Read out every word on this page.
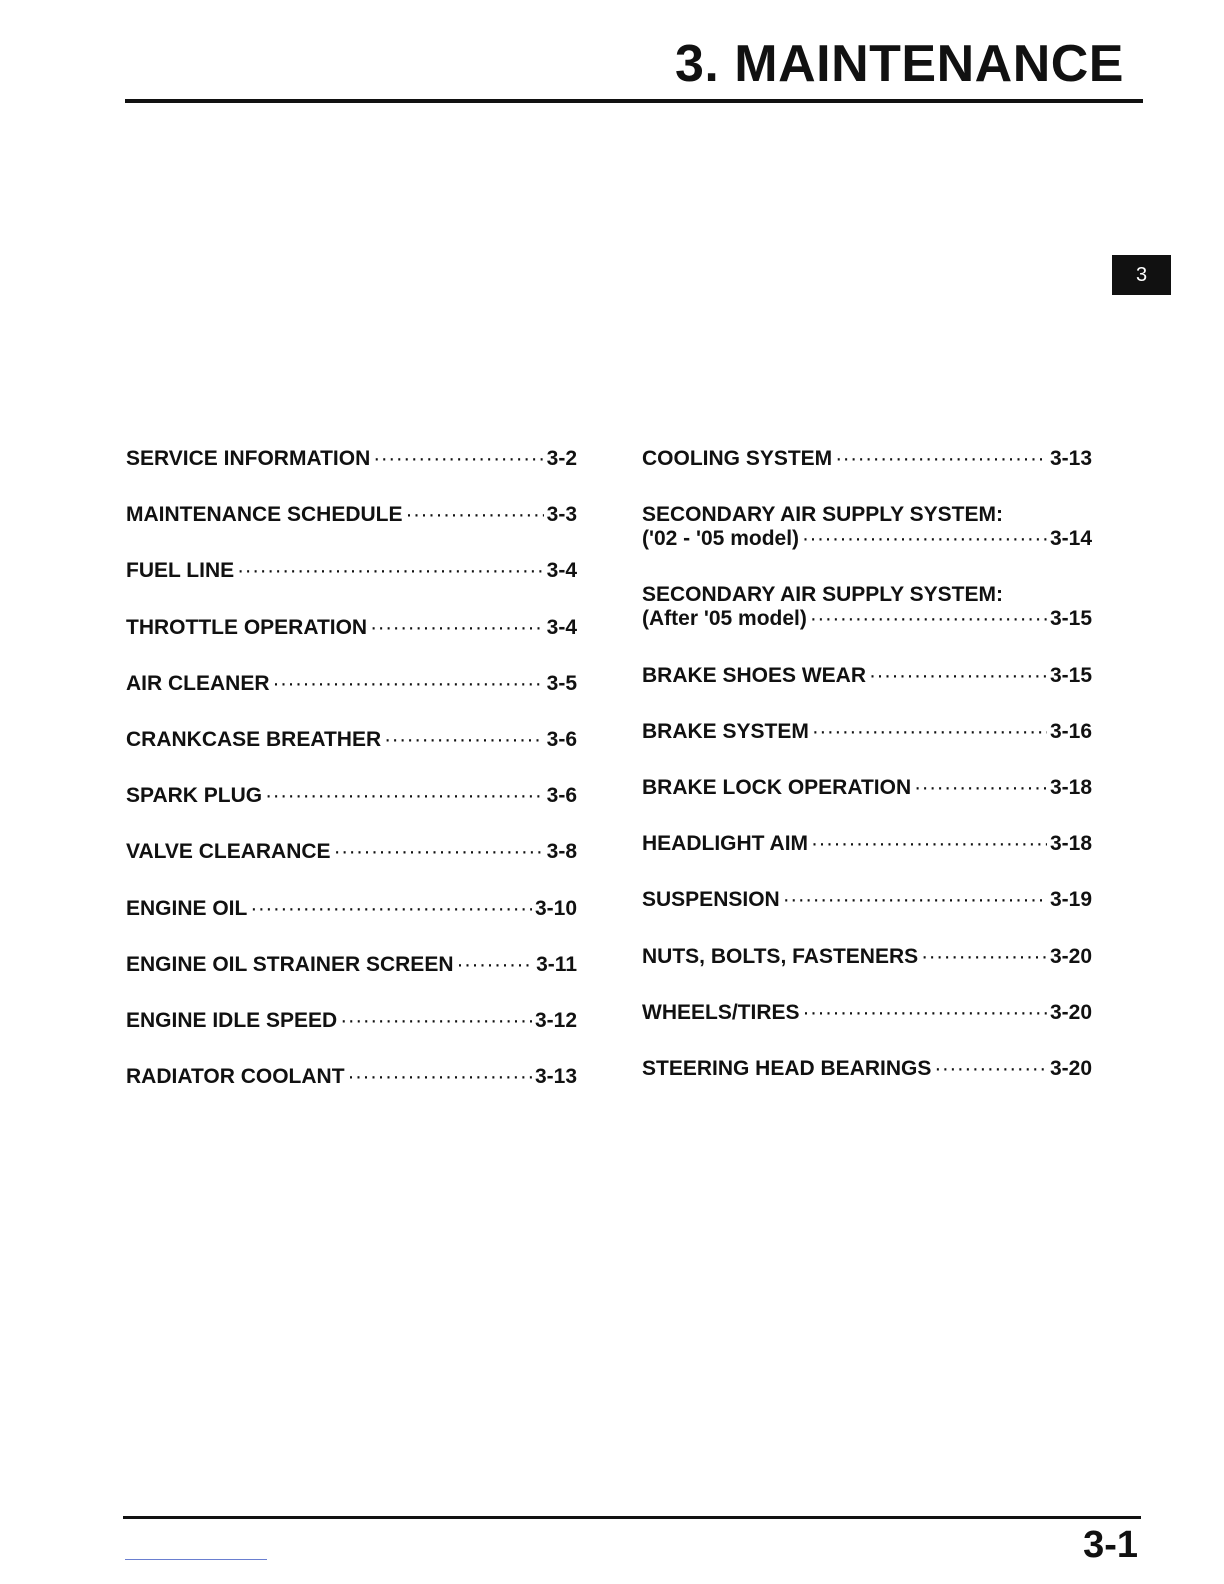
3. MAINTENANCE
3
SERVICE INFORMATION ·····	3-2
MAINTENANCE SCHEDULE ·····	3-3
FUEL LINE ·····	3-4
THROTTLE OPERATION ·····	3-4
AIR CLEANER ·····	3-5
CRANKCASE BREATHER ·····	3-6
SPARK PLUG ·····	3-6
VALVE CLEARANCE ·····	3-8
ENGINE OIL ·····	3-10
ENGINE OIL STRAINER SCREEN ·····	3-11
ENGINE IDLE SPEED ·····	3-12
RADIATOR COOLANT ·····	3-13
COOLING SYSTEM ·····	3-13
SECONDARY AIR SUPPLY SYSTEM:
('02 - '05 model) ·····	3-14
SECONDARY AIR SUPPLY SYSTEM:
(After '05 model) ·····	3-15
BRAKE SHOES WEAR ·····	3-15
BRAKE SYSTEM ·····	3-16
BRAKE LOCK OPERATION ·····	3-18
HEADLIGHT AIM ·····	3-18
SUSPENSION ·····	3-19
NUTS, BOLTS, FASTENERS ·····	3-20
WHEELS/TIRES ·····	3-20
STEERING HEAD BEARINGS ·····	3-20
3-1
